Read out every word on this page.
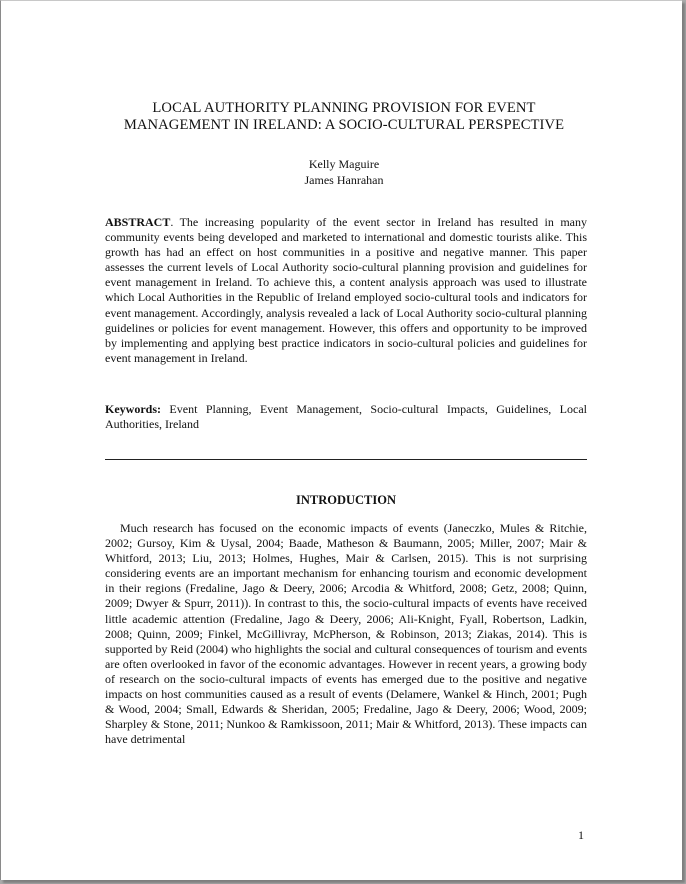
LOCAL AUTHORITY PLANNING PROVISION FOR EVENT
MANAGEMENT IN IRELAND: A SOCIO-CULTURAL PERSPECTIVE
Kelly Maguire
James Hanrahan

ABSTRACT. The increasing popularity of the event sector in Ireland has resulted in many community events being developed and marketed to international and domestic tourists alike. This growth has had an effect on host communities in a positive and negative manner. This paper assesses the current levels of Local Authority socio-cultural planning provision and guidelines for event management in Ireland. To achieve this, a content analysis approach was used to illustrate which Local Authorities in the Republic of Ireland employed socio-cultural tools and indicators for event management. Accordingly, analysis revealed a lack of Local Authority socio-cultural planning guidelines or policies for event management. However, this offers and opportunity to be improved by implementing and applying best practice indicators in socio-cultural policies and guidelines for event management in Ireland.

Keywords: Event Planning, Event Management, Socio-cultural Impacts, Guidelines, Local Authorities, Ireland

INTRODUCTION

Much research has focused on the economic impacts of events (Janeczko, Mules & Ritchie, 2002; Gursoy, Kim & Uysal, 2004; Baade, Matheson & Baumann, 2005; Miller, 2007; Mair & Whitford, 2013; Liu, 2013; Holmes, Hughes, Mair & Carlsen, 2015). This is not surprising considering events are an important mechanism for enhancing tourism and economic development in their regions (Fredaline, Jago & Deery, 2006; Arcodia & Whitford, 2008; Getz, 2008; Quinn, 2009; Dwyer & Spurr, 2011)). In contrast to this, the socio-cultural impacts of events have received little academic attention (Fredaline, Jago & Deery, 2006; Ali-Knight, Fyall, Robertson, Ladkin, 2008; Quinn, 2009; Finkel, McGillivray, McPherson, & Robinson, 2013; Ziakas, 2014). This is supported by Reid (2004) who highlights the social and cultural consequences of tourism and events are often overlooked in favor of the economic advantages. However in recent years, a growing body of research on the socio-cultural impacts of events has emerged due to the positive and negative impacts on host communities caused as a result of events (Delamere, Wankel & Hinch, 2001; Pugh & Wood, 2004; Small, Edwards & Sheridan, 2005; Fredaline, Jago & Deery, 2006; Wood, 2009; Sharpley & Stone, 2011; Nunkoo & Ramkissoon, 2011; Mair & Whitford, 2013). These impacts can have detrimental

1
